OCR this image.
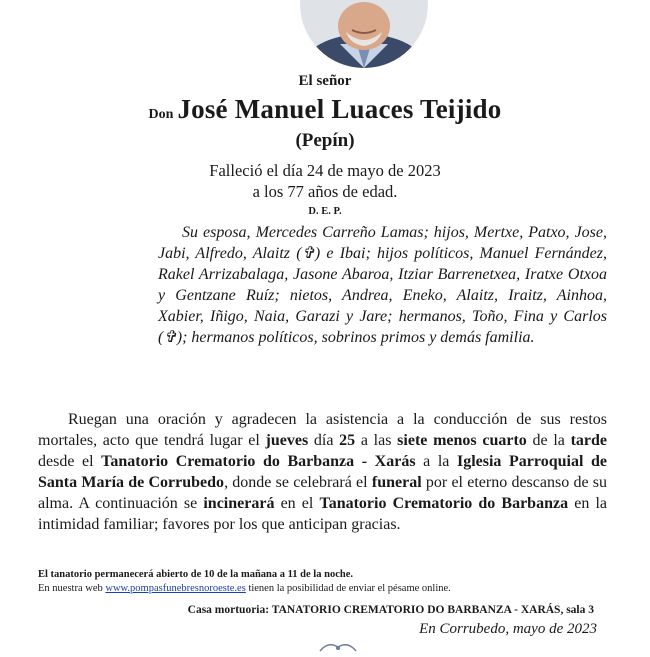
El señor
Don José Manuel Luaces Teijido
(Pepín)
Falleció el día 24 de mayo de 2023
a los 77 años de edad.
D. E. P.
Su esposa, Mercedes Carreño Lamas; hijos, Mertxe, Patxo, Jose, Jabi, Alfredo, Alaitz (✞) e Ibai; hijos políticos, Manuel Fernández, Rakel Arrizabalaga, Jasone Abaroa, Itziar Barrenetxea, Iratxe Otxoa y Gentzane Ruíz; nietos, Andrea, Eneko, Alaitz, Iraitz, Ainhoa, Xabier, Iñigo, Naia, Garazi y Jare; hermanos, Toño, Fina y Carlos (✞); hermanos políticos, sobrinos primos y demás familia.
Ruegan una oración y agradecen la asistencia a la conducción de sus restos mortales, acto que tendrá lugar el jueves día 25 a las siete menos cuarto de la tarde desde el Tanatorio Crematorio do Barbanza - Xarás a la Iglesia Parroquial de Santa María de Corrubedo, donde se celebrará el funeral por el eterno descanso de su alma. A continuación se incinerará en el Tanatorio Crematorio do Barbanza en la intimidad familiar; favores por los que anticipan gracias.
El tanatorio permanecerá abierto de 10 de la mañana a 11 de la noche.
En nuestra web www.pompasfunebresnoroeste.es tienen la posibilidad de enviar el pésame online.
Casa mortuoria: TANATORIO CREMATORIO DO BARBANZA - XARÁS, sala 3
En Corrubedo, mayo de 2023
